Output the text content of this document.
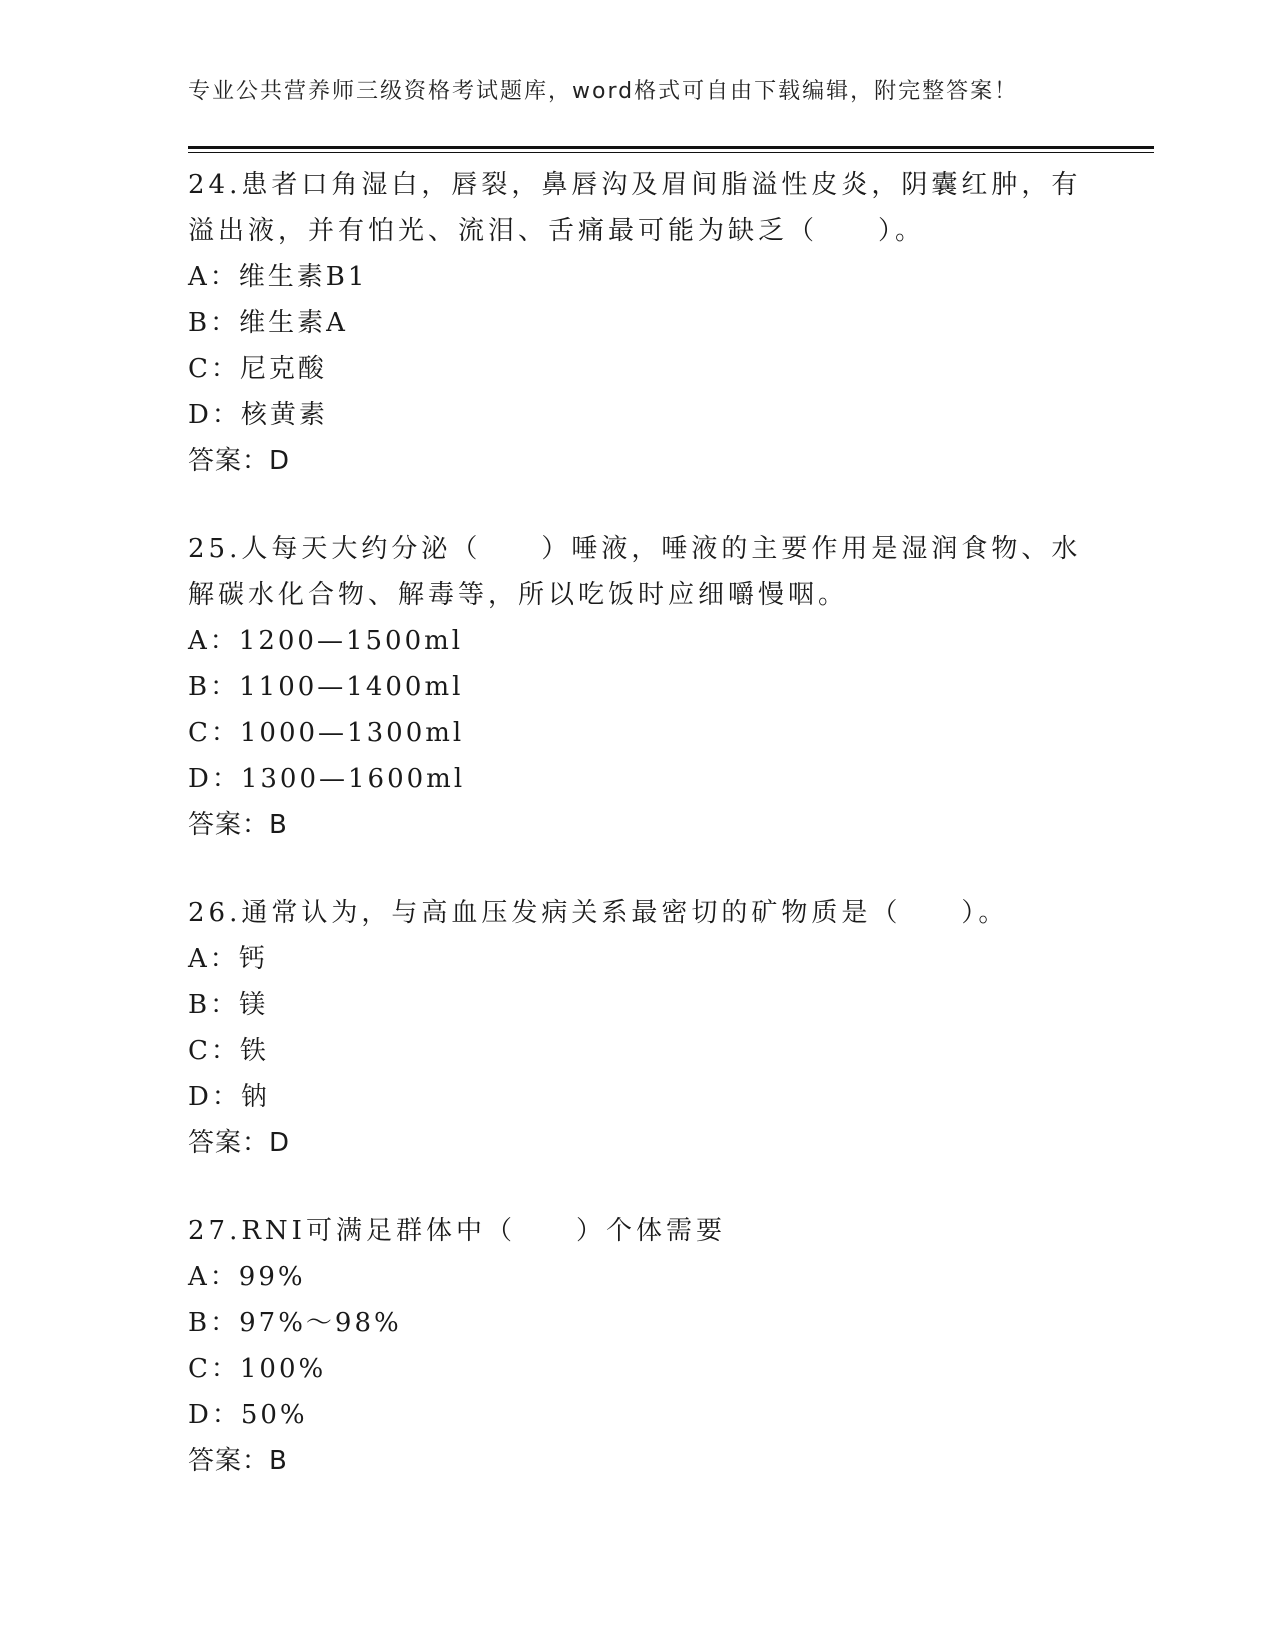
专业公共营养师三级资格考试题库，word格式可自由下载编辑，附完整答案！

24.患者口角湿白，唇裂，鼻唇沟及眉间脂溢性皮炎，阴囊红肿，有溢出液，并有怕光、流泪、舌痛最可能为缺乏（　　）。

A：维生素B1

B：维生素A

C：尼克酸

D：核黄素

答案：D

25.人每天大约分泌（　　）唾液，唾液的主要作用是湿润食物、水解碳水化合物、解毒等，所以吃饭时应细嚼慢咽。

A：1200—1500ml

B：1100—1400ml

C：1000—1300ml

D：1300—1600ml

答案：B

26.通常认为，与高血压发病关系最密切的矿物质是（　　）。

A：钙

B：镁

C：铁

D：钠

答案：D

27.RNI可满足群体中（　　）个体需要

A：99%

B：97%～98%

C：100%

D：50%

答案：B
